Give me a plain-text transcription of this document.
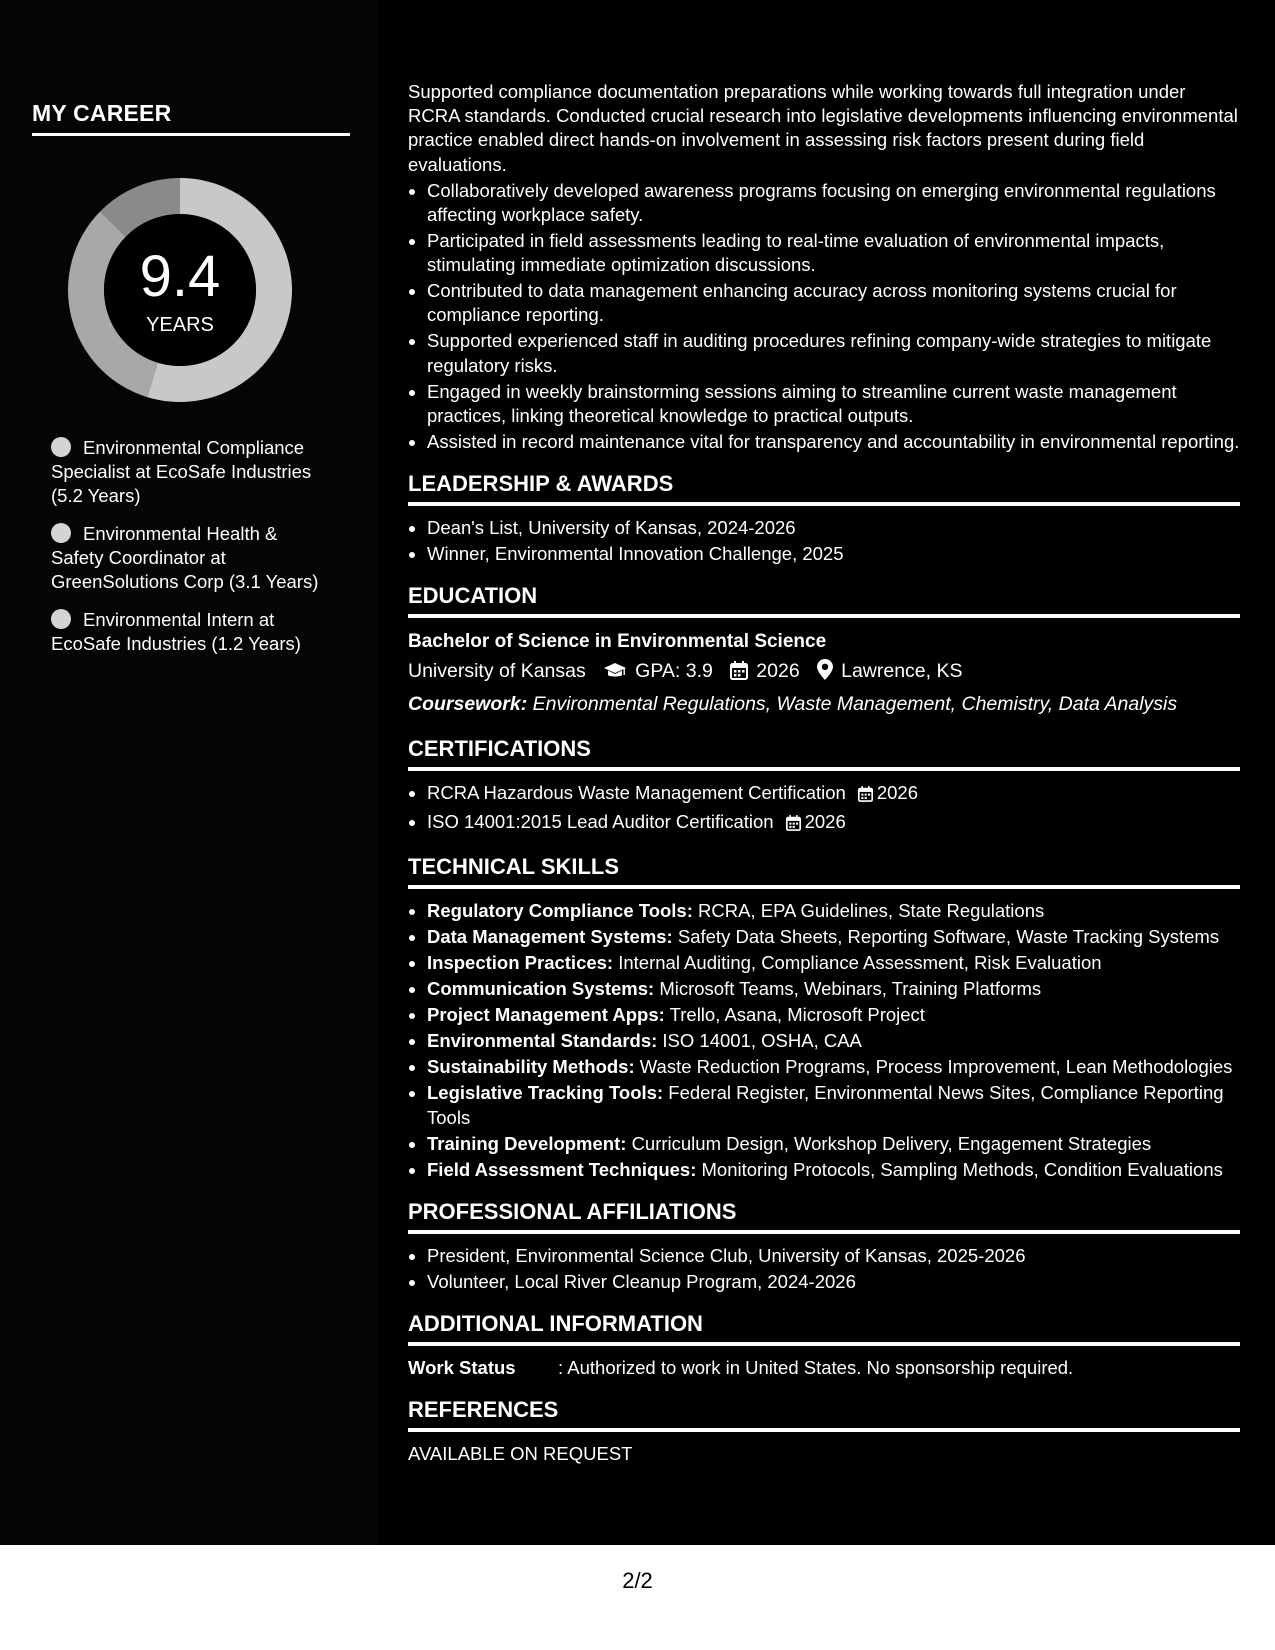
MY CAREER
9.4
YEARS
Environmental Compliance Specialist at EcoSafe Industries (5.2 Years)
Environmental Health & Safety Coordinator at GreenSolutions Corp (3.1 Years)
Environmental Intern at EcoSafe Industries (1.2 Years)

Supported compliance documentation preparations while working towards full integration under RCRA standards. Conducted crucial research into legislative developments influencing environmental practice enabled direct hands-on involvement in assessing risk factors present during field evaluations.

• Collaboratively developed awareness programs focusing on emerging environmental regulations affecting workplace safety.
• Participated in field assessments leading to real-time evaluation of environmental impacts, stimulating immediate optimization discussions.
• Contributed to data management enhancing accuracy across monitoring systems crucial for compliance reporting.
• Supported experienced staff in auditing procedures refining company-wide strategies to mitigate regulatory risks.
• Engaged in weekly brainstorming sessions aiming to streamline current waste management practices, linking theoretical knowledge to practical outputs.
• Assisted in record maintenance vital for transparency and accountability in environmental reporting.
LEADERSHIP & AWARDS
• Dean's List, University of Kansas, 2024-2026
• Winner, Environmental Innovation Challenge, 2025
EDUCATION
Bachelor of Science in Environmental Science
University of Kansas	GPA: 3.9 2026 Lawrence, KS
Coursework: Environmental Regulations, Waste Management, Chemistry, Data Analysis
CERTIFICATIONS
• RCRA Hazardous Waste Management Certification 2026
• ISO 14001:2015 Lead Auditor Certification 2026
TECHNICAL SKILLS
• Regulatory Compliance Tools: RCRA, EPA Guidelines, State Regulations
• Data Management Systems: Safety Data Sheets, Reporting Software, Waste Tracking Systems
• Inspection Practices: Internal Auditing, Compliance Assessment, Risk Evaluation
• Communication Systems: Microsoft Teams, Webinars, Training Platforms
• Project Management Apps: Trello, Asana, Microsoft Project
• Environmental Standards: ISO 14001, OSHA, CAA
• Sustainability Methods: Waste Reduction Programs, Process Improvement, Lean Methodologies
• Legislative Tracking Tools: Federal Register, Environmental News Sites, Compliance Reporting Tools
• Training Development: Curriculum Design, Workshop Delivery, Engagement Strategies
• Field Assessment Techniques: Monitoring Protocols, Sampling Methods, Condition Evaluations
PROFESSIONAL AFFILIATIONS
• President, Environmental Science Club, University of Kansas, 2025-2026
• Volunteer, Local River Cleanup Program, 2024-2026
ADDITIONAL INFORMATION
Work Status : Authorized to work in United States. No sponsorship required.
REFERENCES
AVAILABLE ON REQUEST
2/2
